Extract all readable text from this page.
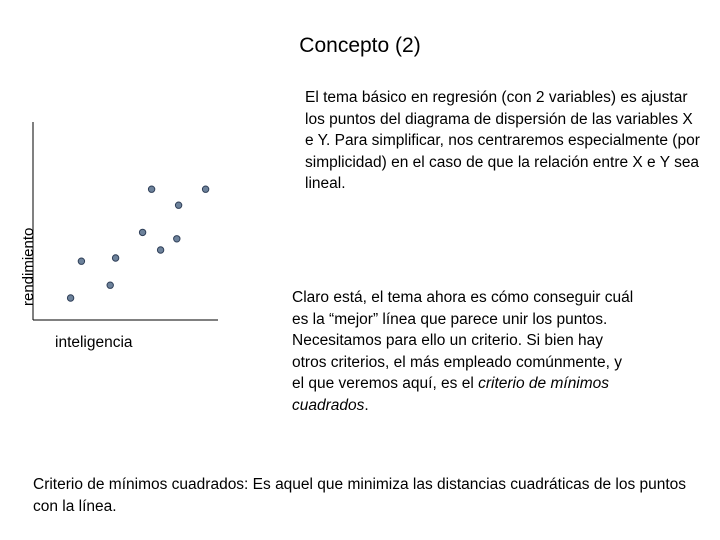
Concepto (2)

El tema básico en regresión (con 2 variables) es ajustar los puntos del diagrama de dispersión de las variables X e Y. Para simplificar, nos centraremos especialmente (por simplicidad) en el caso de que la relación entre X e Y sea lineal.

rendimiento
inteligencia

Claro está, el tema ahora es cómo conseguir cuál es la “mejor” línea que parece unir los puntos. Necesitamos para ello un criterio. Si bien hay otros criterios, el más empleado comúnmente, y el que veremos aquí, es el criterio de mínimos cuadrados.

Criterio de mínimos cuadrados: Es aquel que minimiza las distancias cuadráticas de los puntos con la línea.
